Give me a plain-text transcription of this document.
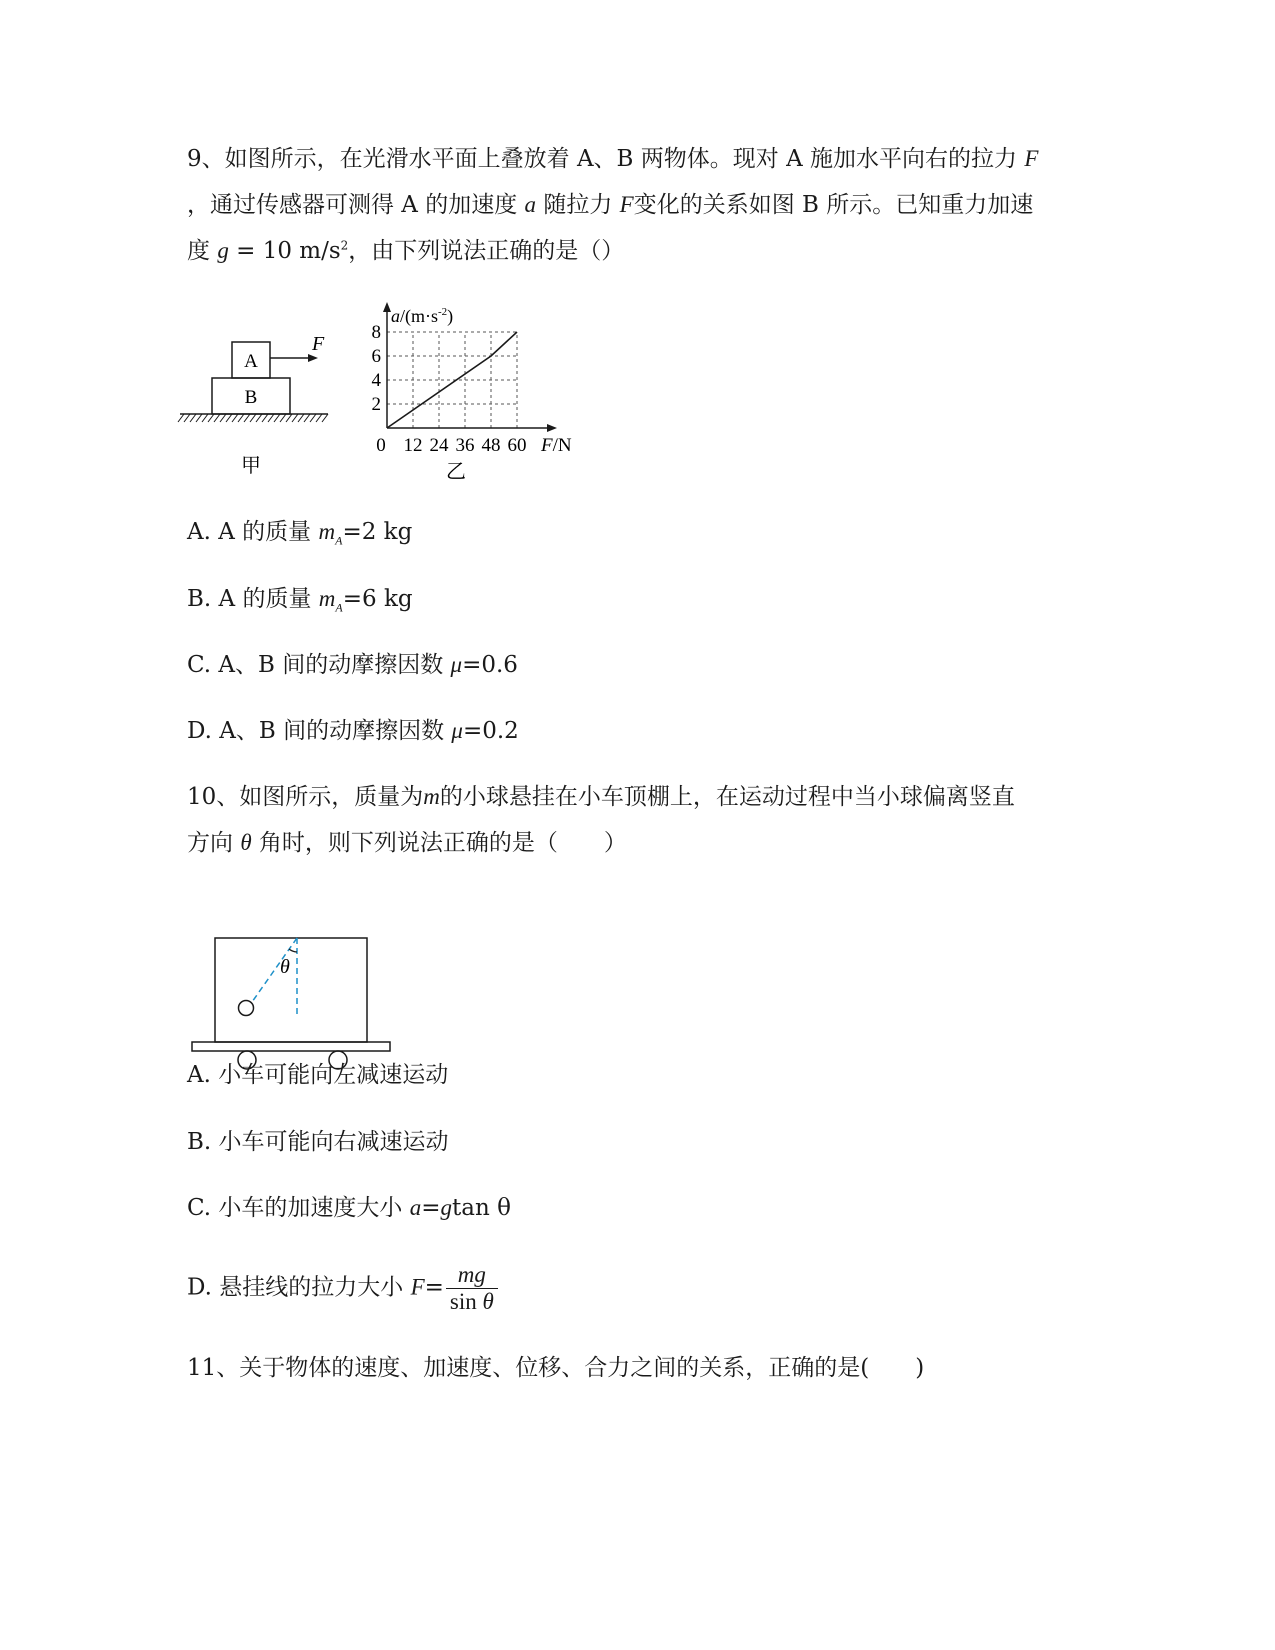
9、如图所示，在光滑水平面上叠放着 A、B 两物体。现对 A 施加水平向右的拉力 F
，通过传感器可测得 A 的加速度 a 随拉力 F变化的关系如图 B 所示。已知重力加速
度 g = 10 $m/s^2$，由下列说法正确的是（）
A
B
F
甲
$a/(m\cdot s^{-2})$
F/N
0 12 24 36 48 60
2
4
6
8
乙
A. A 的质量 $m_A=2$ kg
B. A 的质量 $m_A=6$ kg
C. A、B 间的动摩擦因数 μ=0.6
D. A、B 间的动摩擦因数 μ=0.2
10、如图所示，质量为m的小球悬挂在小车顶棚上，在运动过程中当小球偏离竖直
方向 θ 角时，则下列说法正确的是（　　）
θ
A. 小车可能向左减速运动
B. 小车可能向右减速运动
C. 小车的加速度大小 a=gtan θ
D. 悬挂线的拉力大小 $F= \frac{mg}{\text{sin θ}}$
11、关于物体的速度、加速度、位移、合力之间的关系，正确的是(　　)
